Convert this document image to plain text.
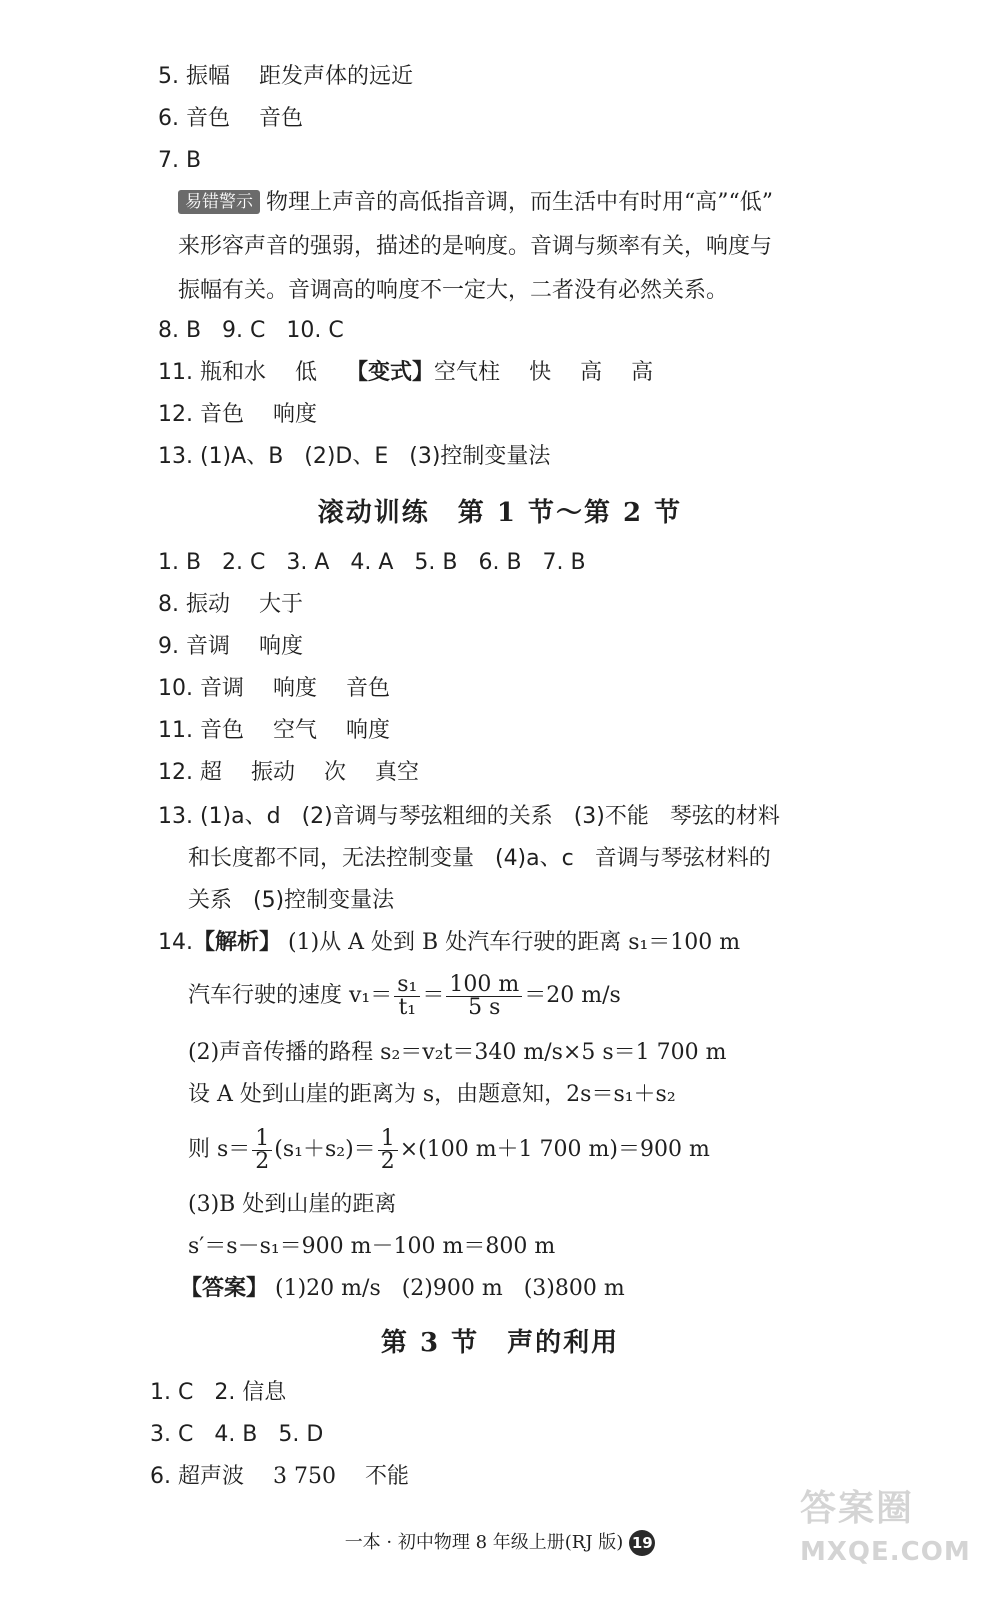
5. 振幅 距发声体的远近
6. 音色 音色
7. B
易错警示 物理上声音的高低指音调，而生活中有时用“高”“低”
来形容声音的强弱，描述的是响度。音调与频率有关，响度与
振幅有关。音调高的响度不一定大，二者没有必然关系。
8. B   9. C   10. C
11. 瓶和水 低 【变式】空气柱 快 高 高
12. 音色 响度
13. (1)A、B   (2)D、E   (3)控制变量法
滚动训练　第 1 节～第 2 节
1. B   2. C   3. A   4. A   5. B   6. B   7. B
8. 振动 大于
9. 音调 响度
10. 音调 响度 音色
11. 音色 空气 响度
12. 超 振动 次 真空
13. (1)a、d   (2)音调与琴弦粗细的关系   (3)不能   琴弦的材料
和长度都不同，无法控制变量   (4)a、c   音调与琴弦材料的
关系   (5)控制变量法
14.【解析】 (1)从 A 处到 B 处汽车行驶的距离 s₁＝100 m
汽车行驶的速度 $v_1= \frac{\text{s₁}}{\text{t₁}} = \frac{100 m}{5 s} =20$ m/s
(2)声音传播的路程 s₂＝v₂t＝340 m/s×5 s＝1 700 m
设 A 处到山崖的距离为 s，由题意知，2s＝s₁＋s₂
则 $s= \frac{1}{2} (s_1+s_2)= \frac{1}{2} \times(100$ m＋1 700 m)＝900 m
(3)B 处到山崖的距离
s′＝s－s₁＝900 m－100 m＝800 m
【答案】 (1)20 m/s   (2)900 m   (3)800 m
第 3 节　声的利用
1. C   2. 信息
3. C   4. B   5. D
6. 超声波 3 750 不能
一本 · 初中物理 8 年级上册(RJ 版) 19
答案圈
MXQE.COM
